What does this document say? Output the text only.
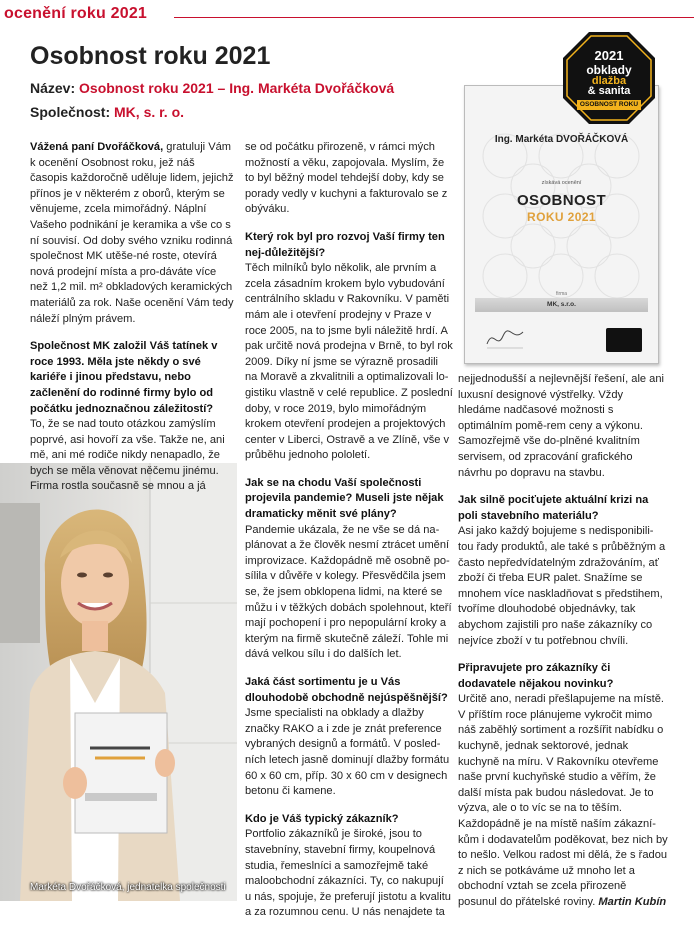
ocenění roku 2021
Osobnost roku 2021
Název: Osobnost roku 2021 – Ing. Markéta Dvořáčková
Společnost: MK, s. r. o.
Ing. Markéta DVOŘÁČKOVÁ
získává ocenění
OSOBNOST
ROKU 2021
firma
MK, s.r.o.
2021
obklady
dlažba
& sanita
OSOBNOST ROKU
Markéta Dvořáčková, jednatelka společnosti

Vážená paní Dvořáčková, gratuluji Vám k ocenění Osobnost roku, jež náš časopis každoročně uděluje lidem, jejichž přínos je v některém z oborů, kterým se věnujeme, zcela mimořádný. Náplní Vašeho podnikání je keramika a vše co s ní souvisí. Od doby svého vzniku rodinná společnost MK utěše-né roste, otevírá nová prodejní místa a pro-dáváte více než 1,2 mil. m² obkladových keramických materiálů za rok. Naše ocenění Vám tedy náleží plným právem.

Společnost MK založil Váš tatínek v roce 1993. Měla jste někdy o své kariéře i jinou představu, nebo začlenění do rodinné firmy bylo od počátku jednoznačnou záležitostí?
To, že se nad touto otázkou zamýslím poprvé, asi hovoří za vše. Takže ne, ani mě, ani mé rodiče nikdy nenapadlo, že bych se měla věnovat něčemu jinému. Firma rostla současně se mnou a já

se od počátku přirozeně, v rámci mých možností a věku, zapojovala. Myslím, že to byl běžný model tehdejší doby, kdy se porady vedly v kuchyni a fakturovalo se z obýváku.

Který rok byl pro rozvoj Vaší firmy ten nej-důležitější?

Těch milníků bylo několik, ale prvním a zcela zásadním krokem bylo vybudování centrálního skladu v Rakovníku. V paměti mám ale i otevření prodejny v Praze v roce 2005, na to jsme byli náležitě hrdí. A pak určitě nová prodejna v Brně, to byl rok 2009. Díky ní jsme se výrazně prosadili na Moravě a zkvalitnili a optimalizovali lo-gistiku vlastně v celé republice. Z poslední doby, v roce 2019, bylo mimořádným krokem otevření prodejen a projektových center v Liberci, Ostravě a ve Zlíně, vše v průběhu jednoho pololetí.

Jak se na chodu Vaší společnosti projevila pandemie? Museli jste nějak dramaticky měnit své plány?

Pandemie ukázala, že ne vše se dá na-plánovat a že člověk nesmí ztrácet umění improvizace. Každopádně mě osobně po-sílila v důvěře v kolegy. Přesvědčila jsem se, že jsem obklopena lidmi, na které se můžu i v těžkých dobách spolehnout, kteří mají pochopení i pro nepopulární kroky a kterým na firmě skutečně záleží. Tohle mi dává velkou sílu i do dalších let.

Jaká část sortimentu je u Vás dlouhodobě obchodně nejúspěšnější?

Jsme specialisti na obklady a dlažby značky RAKO a i zde je znát preference vybraných designů a formátů. V posled-ních letech jasně dominují dlažby formátu 60 x 60 cm, příp. 30 x 60 cm v designech betonu či kamene.

Kdo je Váš typický zákazník?

Portfolio zákazníků je široké, jsou to stavebníny, stavební firmy, koupelnová studia, řemeslníci a samozřejmě také maloobchodní zákazníci. Ty, co nakupují u nás, spojuje, že preferují jistotu a kvalitu a za rozumnou cenu. U nás nenajdete ta

nejjednodušší a nejlevnější řešení, ale ani luxusní designové výstřelky. Vždy hledáme nadčasové možnosti s optimálním pomě-rem ceny a výkonu. Samozřejmě vše do-plněné kvalitním servisem, od zpracování grafického návrhu po dopravu na stavbu.

Jak silně pociťujete aktuální krizi na poli stavebního materiálu?

Asi jako každý bojujeme s nedisponibili-tou řady produktů, ale také s průběžným a často nepředvídatelným zdražováním, ať zboží či třeba EUR palet. Snažíme se mnohem více naskladňovat s předstihem, tvoříme dlouhodobé objednávky, tak abychom zajistili pro naše zákazníky co nejvíce zboží v tu potřebnou chvíli.

Připravujete pro zákazníky či dodavatele nějakou novinku?
Určitě ano, neradi přešlapujeme na místě. V příštím roce plánujeme vykročit mimo náš zaběhlý sortiment a rozšířit nabídku o kuchyně, jednak sektorové, jednak kuchyně na míru. V Rakovníku otevřeme naše první kuchyňské studio a věřím, že další místa pak budou následovat. Je to výzva, ale o to víc se na to těším. Každopádně je na místě naším zákazní-kům i dodavatelům poděkovat, bez nich by to nešlo. Velkou radost mi dělá, že s řadou z nich se potkáváme už mnoho let a obchodní vztah se zcela přirozeně posunul do přátelské roviny. Martin Kubín
